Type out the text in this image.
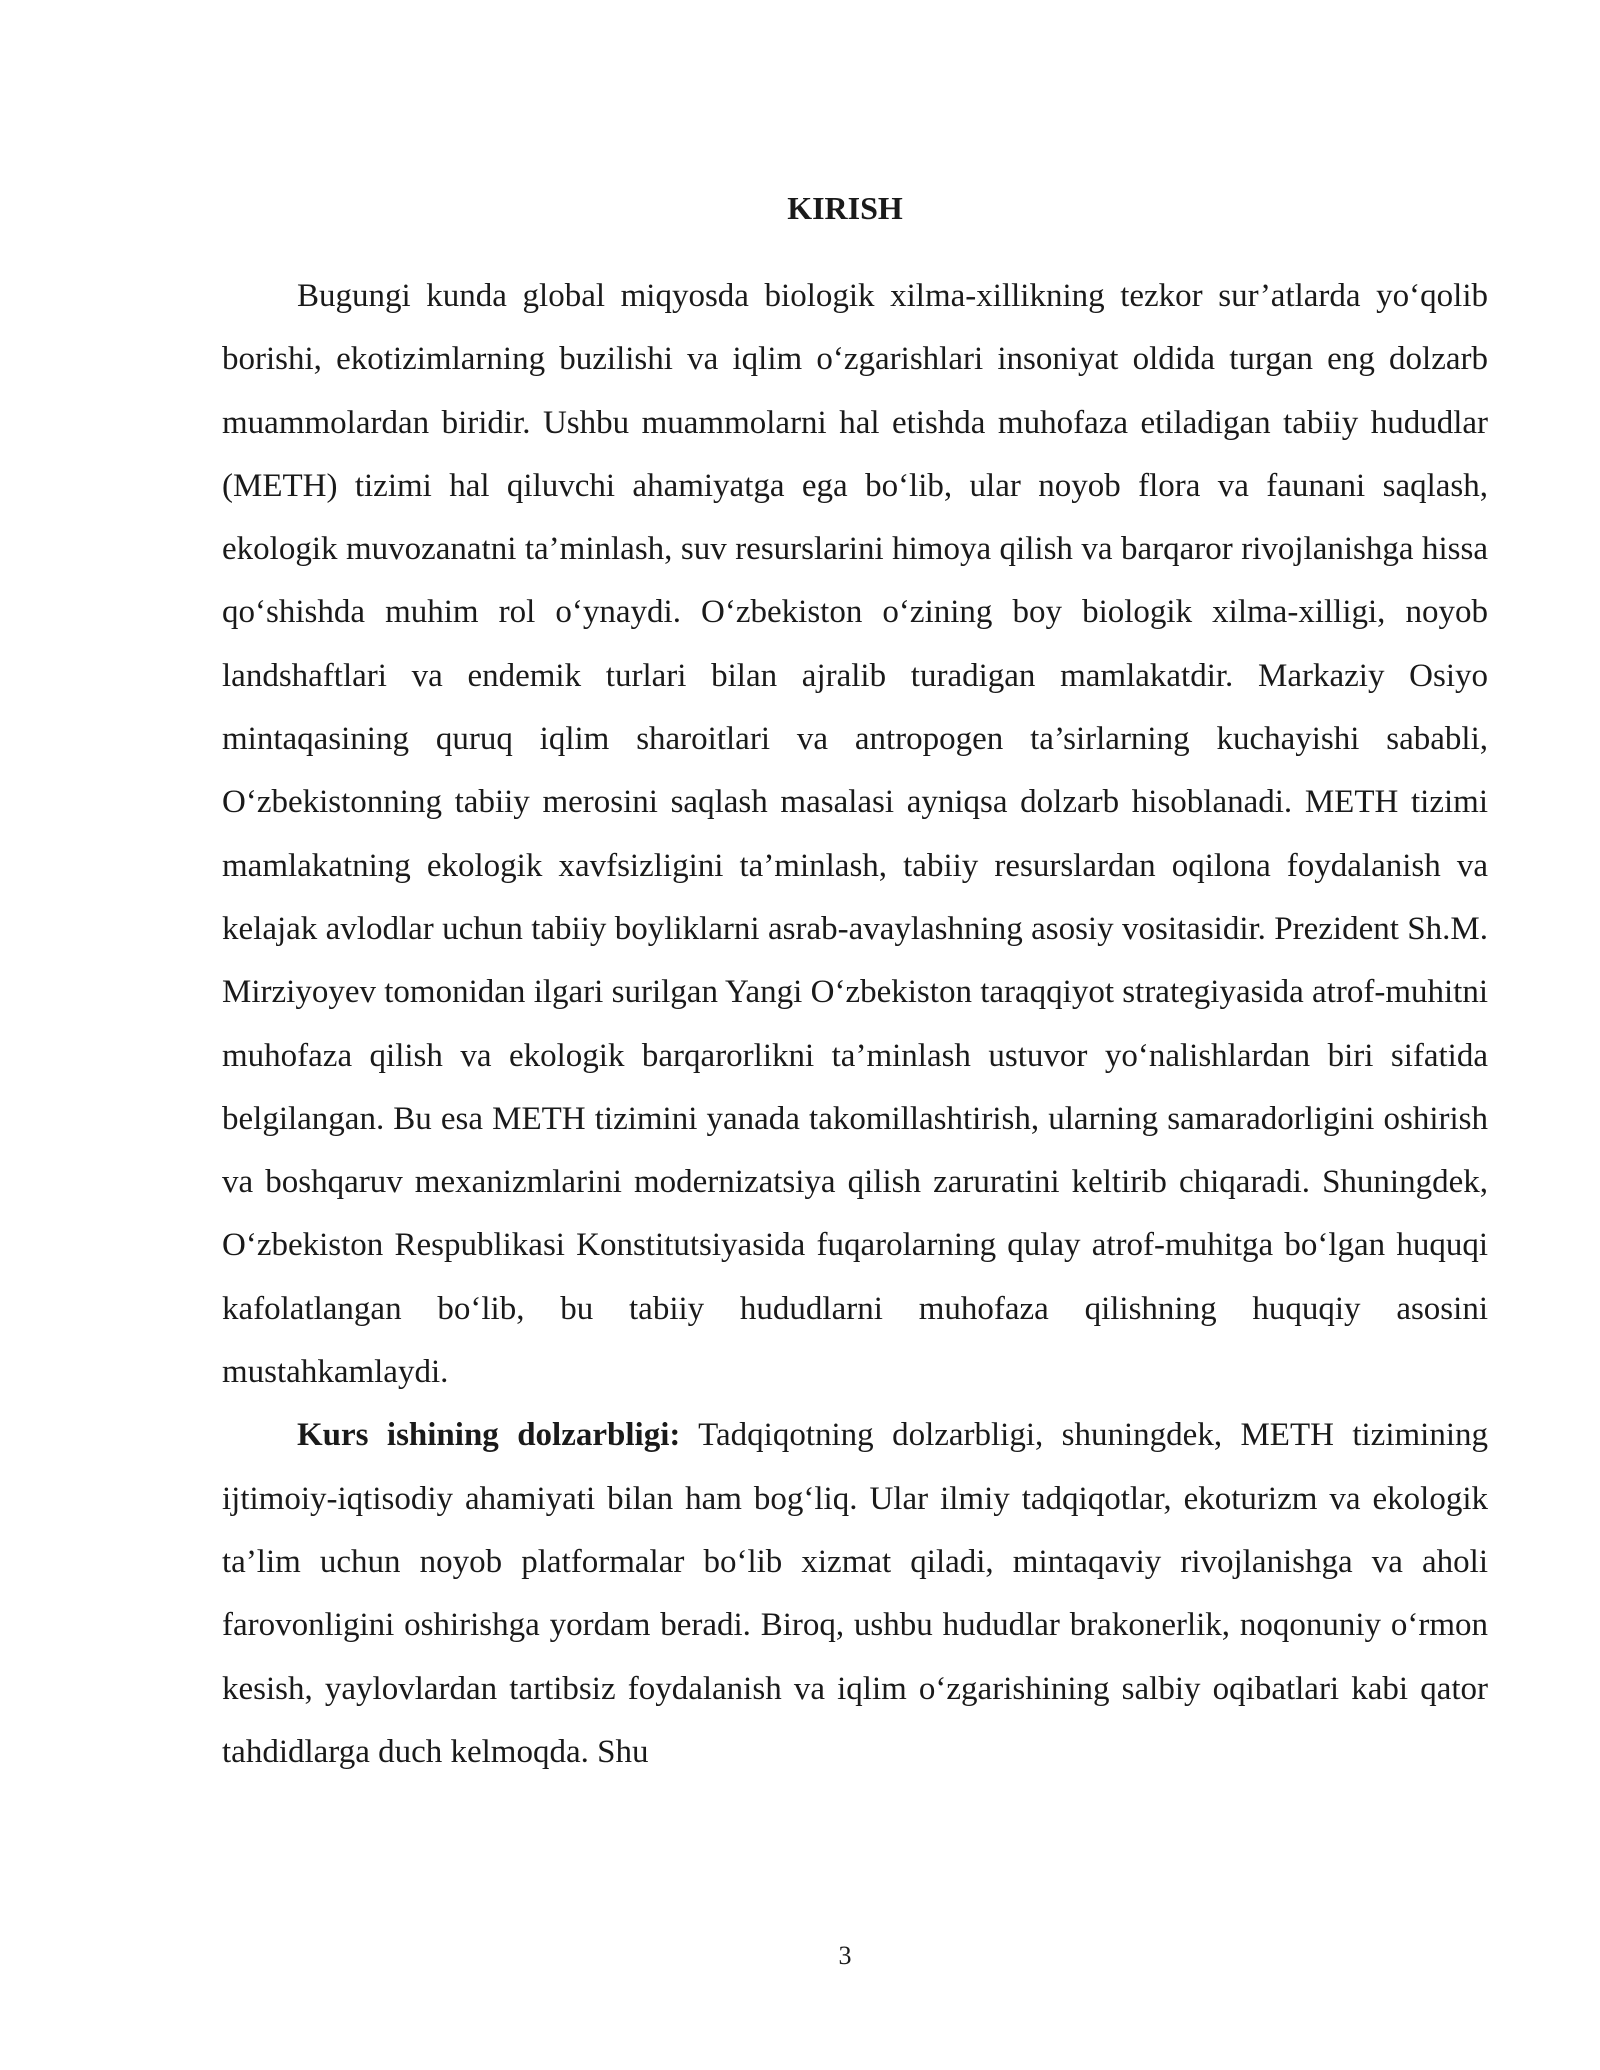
KIRISH

Bugungi kunda global miqyosda biologik xilma-xillikning tezkor sur’atlarda yo‘qolib borishi, ekotizimlarning buzilishi va iqlim o‘zgarishlari insoniyat oldida turgan eng dolzarb muammolardan biridir. Ushbu muammolarni hal etishda muhofaza etiladigan tabiiy hududlar (METH) tizimi hal qiluvchi ahamiyatga ega bo‘lib, ular noyob flora va faunani saqlash, ekologik muvozanatni ta’minlash, suv resurslarini himoya qilish va barqaror rivojlanishga hissa qo‘shishda muhim rol o‘ynaydi. O‘zbekiston o‘zining boy biologik xilma-xilligi, noyob landshaftlari va endemik turlari bilan ajralib turadigan mamlakatdir. Markaziy Osiyo mintaqasining quruq iqlim sharoitlari va antropogen ta’sirlarning kuchayishi sababli, O‘zbekistonning tabiiy merosini saqlash masalasi ayniqsa dolzarb hisoblanadi. METH tizimi mamlakatning ekologik xavfsizligini ta’minlash, tabiiy resurslardan oqilona foydalanish va kelajak avlodlar uchun tabiiy boyliklarni asrab-avaylashning asosiy vositasidir. Prezident Sh.M. Mirziyoyev tomonidan ilgari surilgan Yangi O‘zbekiston taraqqiyot strategiyasida atrof-muhitni muhofaza qilish va ekologik barqarorlikni ta’minlash ustuvor yo‘nalishlardan biri sifatida belgilangan. Bu esa METH tizimini yanada takomillashtirish, ularning samaradorligini oshirish va boshqaruv mexanizmlarini modernizatsiya qilish zaruratini keltirib chiqaradi. Shuningdek, O‘zbekiston Respublikasi Konstitutsiyasida fuqarolarning qulay atrof-muhitga bo‘lgan huquqi kafolatlangan bo‘lib, bu tabiiy hududlarni muhofaza qilishning huquqiy asosini mustahkamlaydi.

Kurs ishining dolzarbligi: Tadqiqotning dolzarbligi, shuningdek, METH tizimining ijtimoiy-iqtisodiy ahamiyati bilan ham bog‘liq. Ular ilmiy tadqiqotlar, ekoturizm va ekologik ta’lim uchun noyob platformalar bo‘lib xizmat qiladi, mintaqaviy rivojlanishga va aholi farovonligini oshirishga yordam beradi. Biroq, ushbu hududlar brakonerlik, noqonuniy o‘rmon kesish, yaylovlardan tartibsiz foydalanish va iqlim o‘zgarishining salbiy oqibatlari kabi qator tahdidlarga duch kelmoqda. Shu

3
